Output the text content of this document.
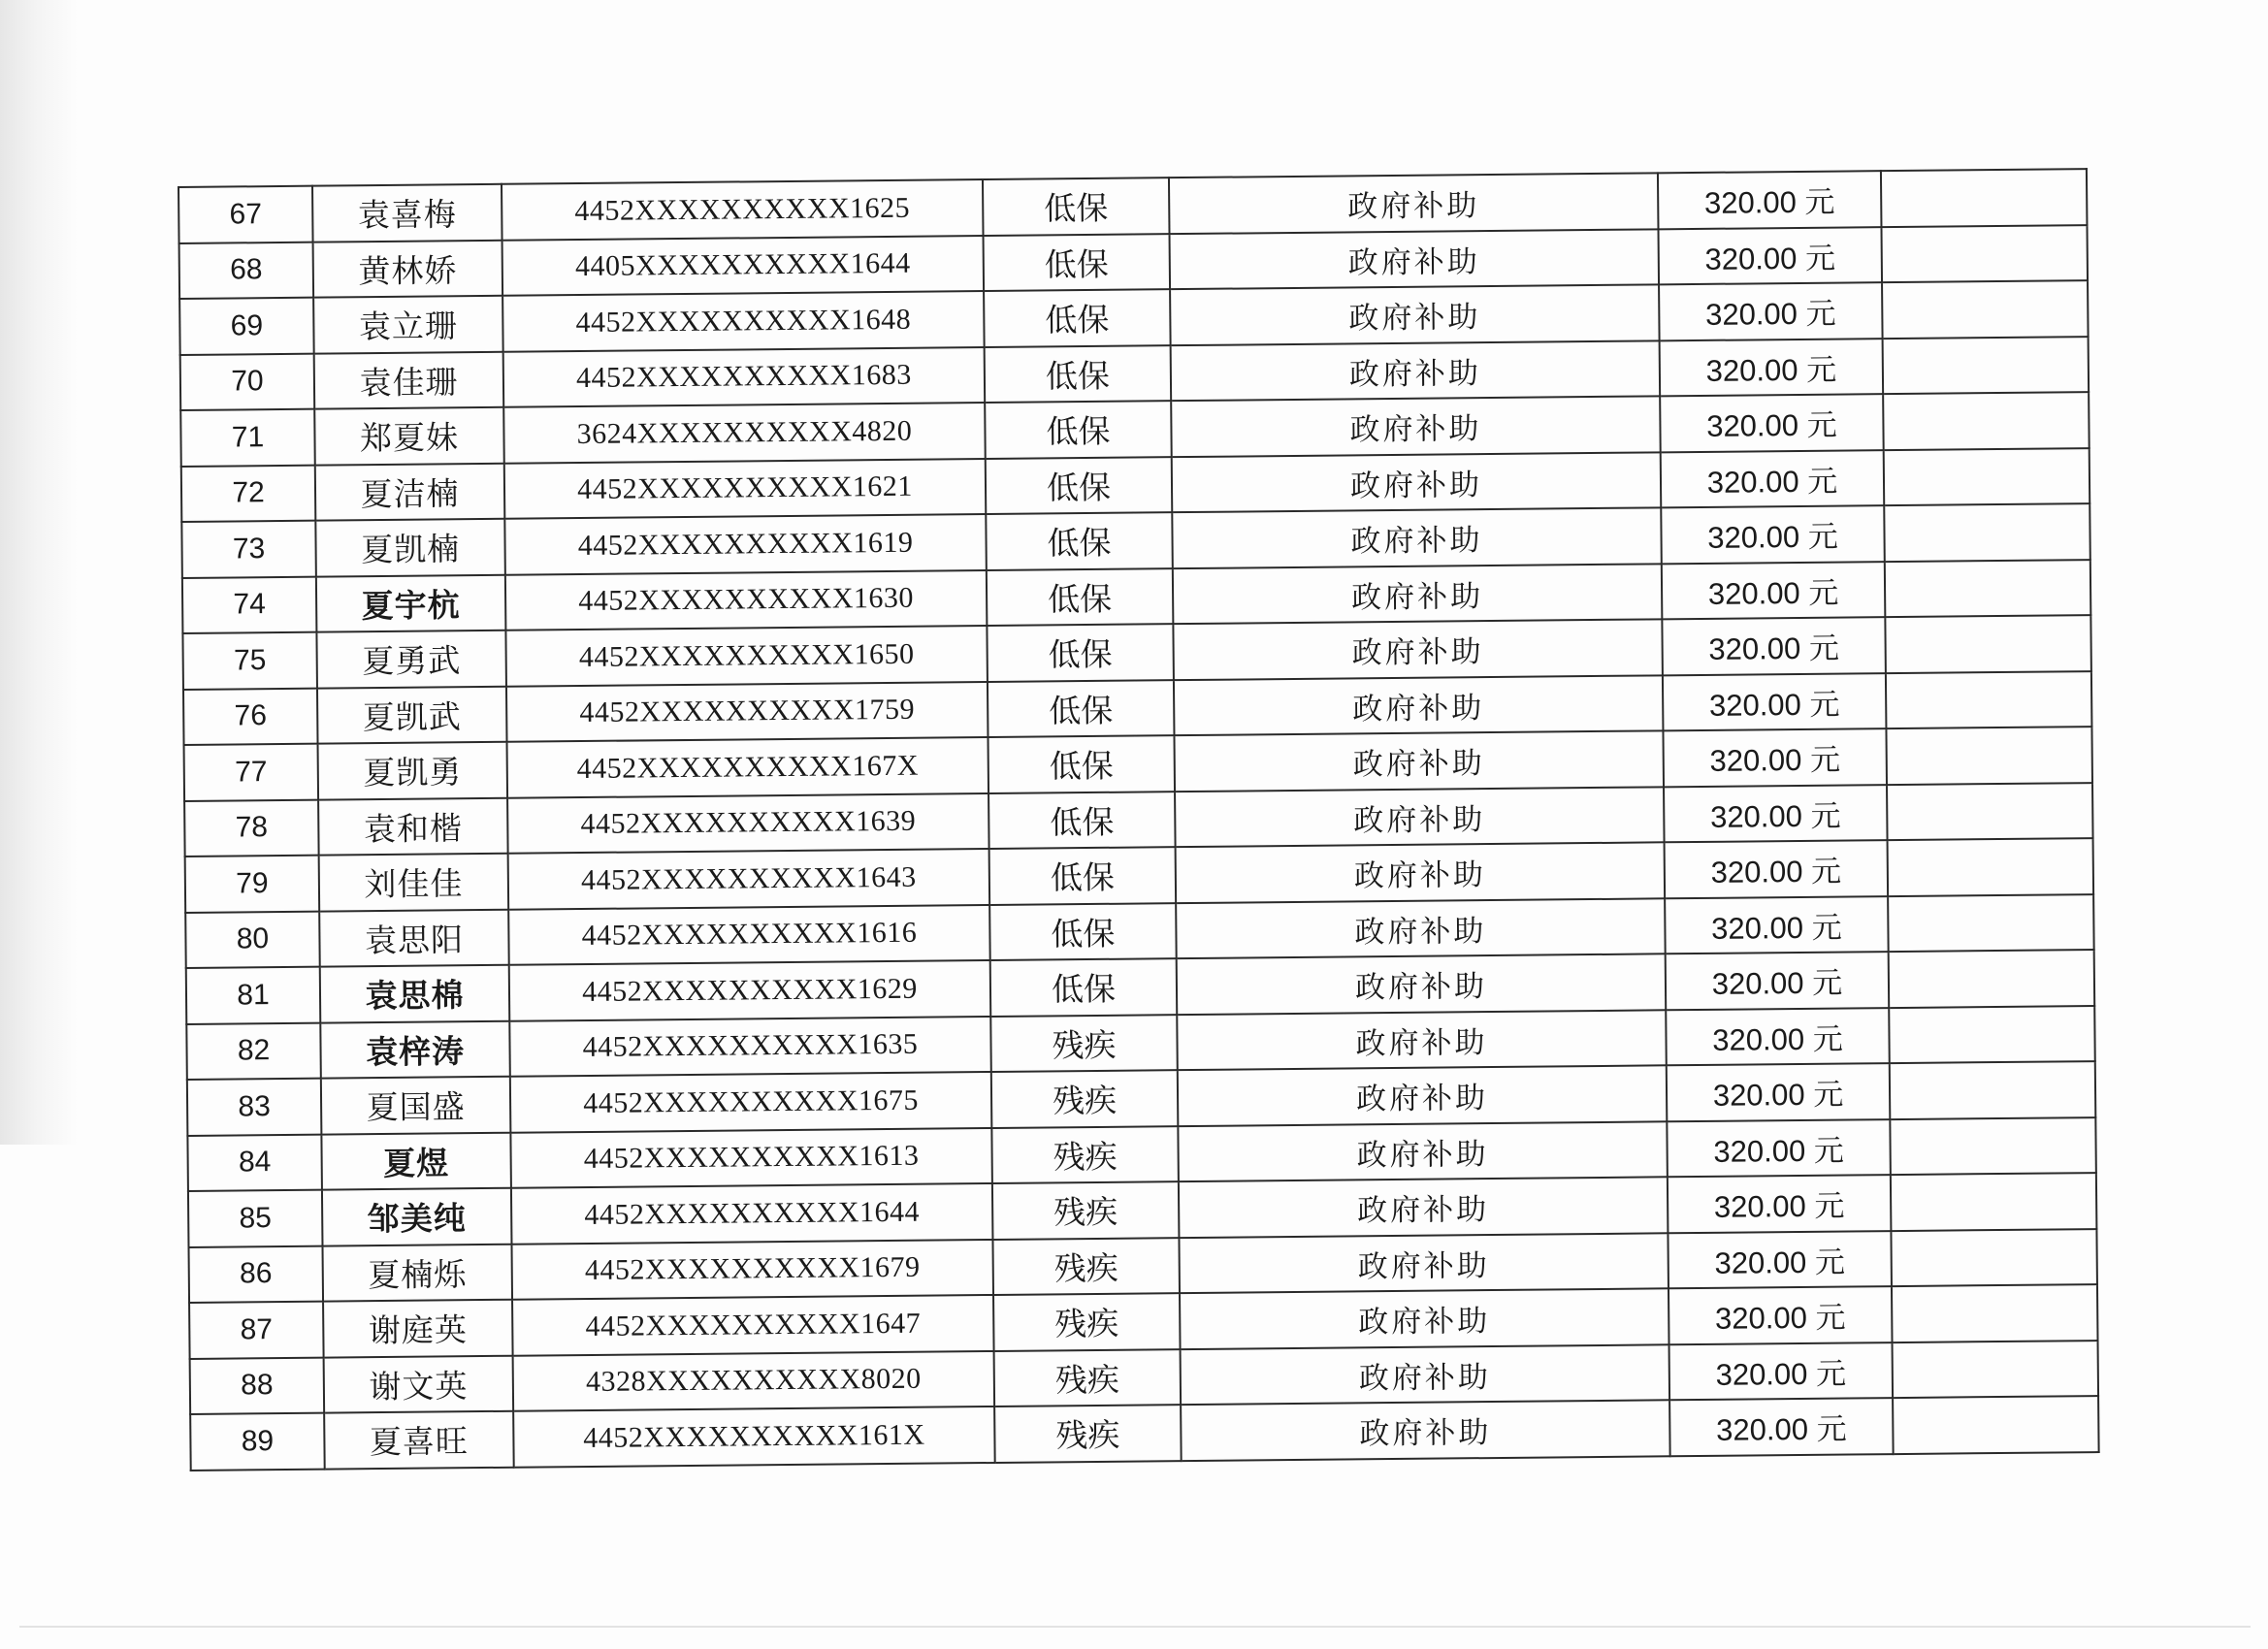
67	袁喜梅	4452XXXXXXXXXX1625	低保	政府补助	320.00 元	
68	黄林娇	4405XXXXXXXXXX1644	低保	政府补助	320.00 元	
69	袁立珊	4452XXXXXXXXXX1648	低保	政府补助	320.00 元	
70	袁佳珊	4452XXXXXXXXXX1683	低保	政府补助	320.00 元	
71	郑夏妹	3624XXXXXXXXXX4820	低保	政府补助	320.00 元	
72	夏洁楠	4452XXXXXXXXXX1621	低保	政府补助	320.00 元	
73	夏凯楠	4452XXXXXXXXXX1619	低保	政府补助	320.00 元	
74	夏宇杭	4452XXXXXXXXXX1630	低保	政府补助	320.00 元	
75	夏勇武	4452XXXXXXXXXX1650	低保	政府补助	320.00 元	
76	夏凯武	4452XXXXXXXXXX1759	低保	政府补助	320.00 元	
77	夏凯勇	4452XXXXXXXXXX167X	低保	政府补助	320.00 元	
78	袁和楷	4452XXXXXXXXXX1639	低保	政府补助	320.00 元	
79	刘佳佳	4452XXXXXXXXXX1643	低保	政府补助	320.00 元	
80	袁思阳	4452XXXXXXXXXX1616	低保	政府补助	320.00 元	
81	袁思棉	4452XXXXXXXXXX1629	低保	政府补助	320.00 元	
82	袁梓涛	4452XXXXXXXXXX1635	残疾	政府补助	320.00 元	
83	夏国盛	4452XXXXXXXXXX1675	残疾	政府补助	320.00 元	
84	夏煜	4452XXXXXXXXXX1613	残疾	政府补助	320.00 元	
85	邹美纯	4452XXXXXXXXXX1644	残疾	政府补助	320.00 元	
86	夏楠烁	4452XXXXXXXXXX1679	残疾	政府补助	320.00 元	
87	谢庭英	4452XXXXXXXXXX1647	残疾	政府补助	320.00 元	
88	谢文英	4328XXXXXXXXXX8020	残疾	政府补助	320.00 元	
89	夏喜旺	4452XXXXXXXXXX161X	残疾	政府补助	320.00 元	
